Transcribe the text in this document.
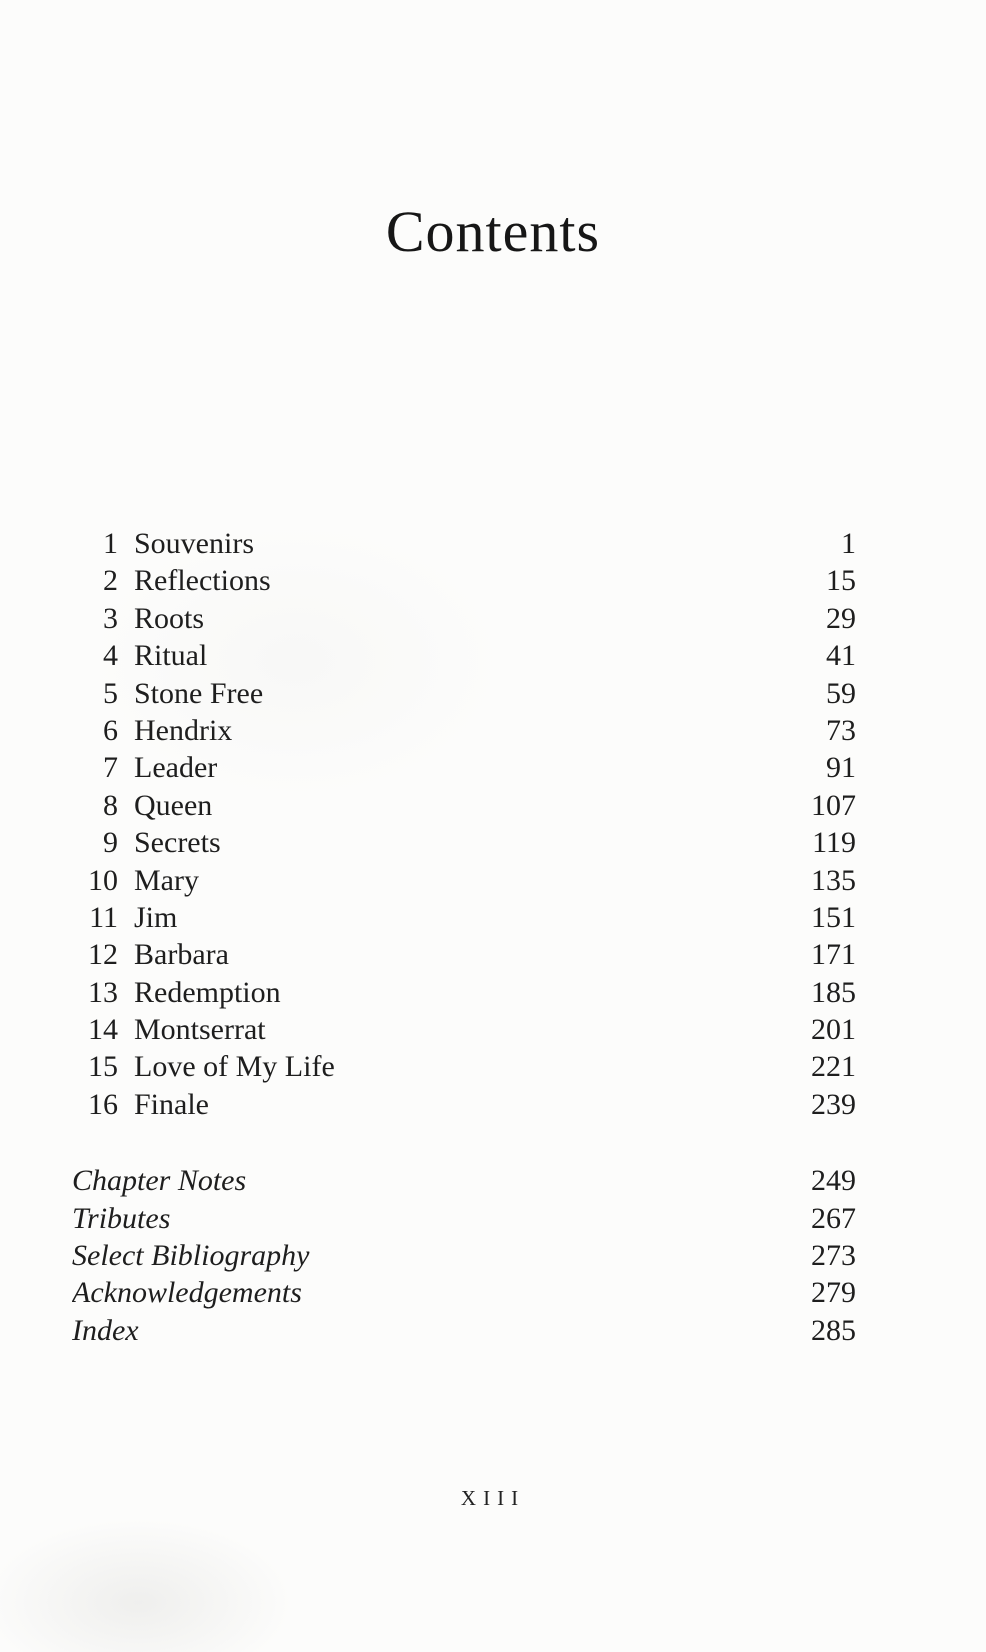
Contents
1 Souvenirs	1
2 Reflections	15
3 Roots	29
4 Ritual	41
5 Stone Free	59
6 Hendrix	73
7 Leader	91
8 Queen	107
9 Secrets	119
10 Mary	135
11 Jim	151
12 Barbara	171
13 Redemption	185
14 Montserrat	201
15 Love of My Life	221
16 Finale	239
Chapter Notes	249
Tributes	267
Select Bibliography	273
Acknowledgements	279
Index	285
XIII
